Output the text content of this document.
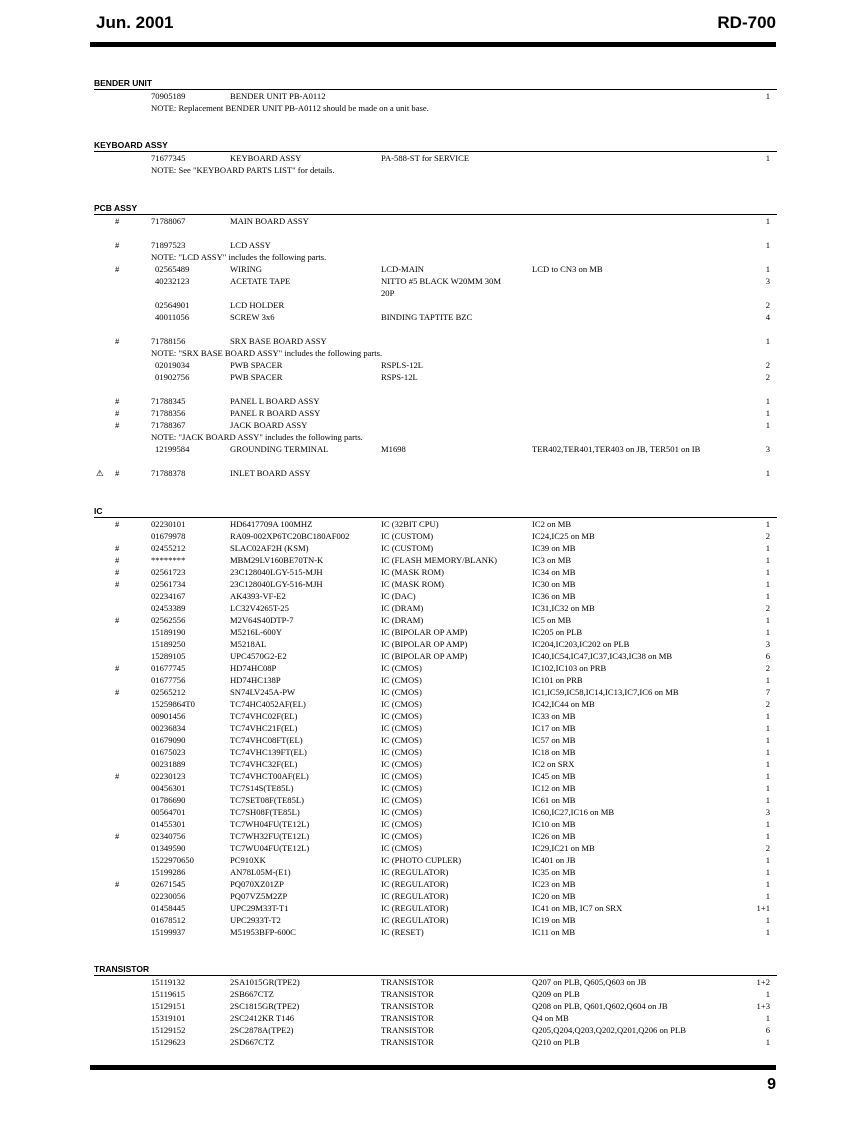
Jun. 2001	RD-700
BENDER UNIT
70905189	BENDER UNIT PB-A0112	1
NOTE: Replacement BENDER UNIT PB-A0112 should be made on a unit base.
KEYBOARD ASSY
71677345	KEYBOARD ASSY	PA-588-ST for SERVICE	1
NOTE: See "KEYBOARD PARTS LIST" for details.
PCB ASSY
#	71788067	MAIN BOARD ASSY	1
#	71897523	LCD ASSY	1
NOTE: "LCD ASSY" includes the following parts.
#	02565489	WIRING	LCD-MAIN	LCD to CN3 on MB	1
40232123	ACETATE TAPE	NITTO #5 BLACK W20MM 30M	3
20P
02564901	LCD HOLDER	2
40011056	SCREW 3x6	BINDING TAPTITE BZC	4
#	71788156	SRX BASE BOARD ASSY	1
NOTE: "SRX BASE BOARD ASSY" includes the following parts.
02019034	PWB SPACER	RSPLS-12L	2
01902756	PWB SPACER	RSPS-12L	2
#	71788345	PANEL L BOARD ASSY	1
#	71788356	PANEL R BOARD ASSY	1
#	71788367	JACK BOARD ASSY	1
NOTE: "JACK BOARD ASSY" includes the following parts.
12199584	GROUNDING TERMINAL	M1698	TER402,TER401,TER403 on JB, TER501 on IB	3
⚠ #	71788378	INLET BOARD ASSY	1
IC
#	02230101	HD6417709A 100MHZ	IC (32BIT CPU)	IC2 on MB	1
01679978	RA09-002XP6TC20BC180AF002	IC (CUSTOM)	IC24,IC25 on MB	2
#	02455212	SLAC02AF2H (KSM)	IC (CUSTOM)	IC39 on MB	1
#	********	MBM29LV160BE70TN-K	IC (FLASH MEMORY/BLANK)	IC3 on MB	1
#	02561723	23C128040LGY-515-MJH	IC (MASK ROM)	IC34 on MB	1
#	02561734	23C128040LGY-516-MJH	IC (MASK ROM)	IC30 on MB	1
02234167	AK4393-VF-E2	IC (DAC)	IC36 on MB	1
02453389	LC32V4265T-25	IC (DRAM)	IC31,IC32 on MB	2
#	02562556	M2V64S40DTP-7	IC (DRAM)	IC5 on MB	1
15189190	M5216L-600Y	IC (BIPOLAR OP AMP)	IC205 on PLB	1
15189250	M5218AL	IC (BIPOLAR OP AMP)	IC204,IC203,IC202 on PLB	3
15289105	UPC4570G2-E2	IC (BIPOLAR OP AMP)	IC40,IC54,IC47,IC37,IC43,IC38 on MB	6
#	01677745	HD74HC08P	IC (CMOS)	IC102,IC103 on PRB	2
01677756	HD74HC138P	IC (CMOS)	IC101 on PRB	1
#	02565212	SN74LV245A-PW	IC (CMOS)	IC1,IC59,IC58,IC14,IC13,IC7,IC6 on MB	7
15259864T0	TC74HC4052AF(EL)	IC (CMOS)	IC42,IC44 on MB	2
00901456	TC74VHC02F(EL)	IC (CMOS)	IC33 on MB	1
00236834	TC74VHC21F(EL)	IC (CMOS)	IC17 on MB	1
01679090	TC74VHC08FT(EL)	IC (CMOS)	IC57 on MB	1
01675023	TC74VHC139FT(EL)	IC (CMOS)	IC18 on MB	1
00231889	TC74VHC32F(EL)	IC (CMOS)	IC2 on SRX	1
#	02230123	TC74VHCT00AF(EL)	IC (CMOS)	IC45 on MB	1
00456301	TC7S14S(TE85L)	IC (CMOS)	IC12 on MB	1
01786690	TC7SET08F(TE85L)	IC (CMOS)	IC61 on MB	1
00564701	TC7SH08F(TE85L)	IC (CMOS)	IC60,IC27,IC16 on MB	3
01455301	TC7WH04FU(TE12L)	IC (CMOS)	IC10 on MB	1
#	02340756	TC7WH32FU(TE12L)	IC (CMOS)	IC26 on MB	1
01349590	TC7WU04FU(TE12L)	IC (CMOS)	IC29,IC21 on MB	2
1522970650	PC910XK	IC (PHOTO CUPLER)	IC401 on JB	1
15199286	AN78L05M-(E1)	IC (REGULATOR)	IC35 on MB	1
#	02671545	PQ070XZ01ZP	IC (REGULATOR)	IC23 on MB	1
02230056	PQ07VZ5M2ZP	IC (REGULATOR)	IC20 on MB	1
01458445	UPC29M33T-T1	IC (REGULATOR)	IC41 on MB, IC7 on SRX	1+1
01678512	UPC2933T-T2	IC (REGULATOR)	IC19 on MB	1
15199937	M51953BFP-600C	IC (RESET)	IC11 on MB	1
TRANSISTOR
15119132	2SA1015GR(TPE2)	TRANSISTOR	Q207 on PLB, Q605,Q603 on JB	1+2
15119615	2SB667CTZ	TRANSISTOR	Q209 on PLB	1
15129151	2SC1815GR(TPE2)	TRANSISTOR	Q208 on PLB, Q601,Q602,Q604 on JB	1+3
15319101	2SC2412KR T146	TRANSISTOR	Q4 on MB	1
15129152	2SC2878A(TPE2)	TRANSISTOR	Q205,Q204,Q203,Q202,Q201,Q206 on PLB	6
15129623	2SD667CTZ	TRANSISTOR	Q210 on PLB	1
9
